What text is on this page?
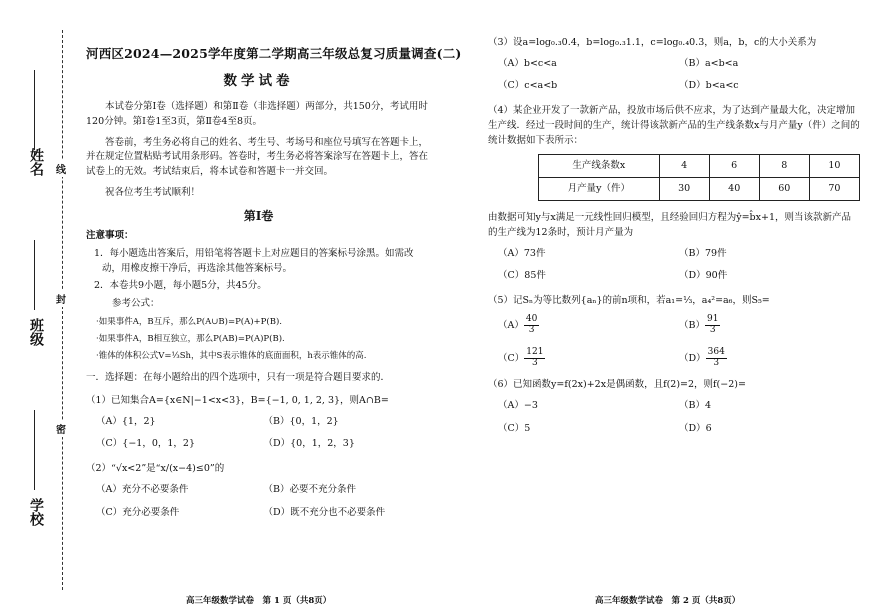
姓名
班级
学校
线
封
密
河西区2024—2025学年度第二学期高三年级总复习质量调查(二)
数学试卷

本试卷分第Ⅰ卷（选择题）和第Ⅱ卷（非选择题）两部分，共150分，考试用时120分钟。第Ⅰ卷1至3页，第Ⅱ卷4至8页。

答卷前，考生务必将自己的姓名、考生号、考场号和座位号填写在答题卡上，并在规定位置粘贴考试用条形码。答卷时，考生务必将答案涂写在答题卡上，答在试卷上的无效。考试结束后，将本试卷和答题卡一并交回。

祝各位考生考试顺利！

第Ⅰ卷

注意事项：

1．每小题选出答案后，用铅笔将答题卡上对应题目的答案标号涂黑。如需改动，用橡皮擦干净后，再选涂其他答案标号。

2．本卷共9小题，每小题5分，共45分。

参考公式：

·如果事件A，B互斥，那么P(A∪B)=P(A)+P(B).

·如果事件A，B相互独立，那么P(AB)=P(A)P(B).

·锥体的体积公式V=⅓Sh，其中S表示锥体的底面面积，h表示锥体的高.

一．选择题：在每小题给出的四个选项中，只有一项是符合题目要求的．

（1）已知集合A={x∈N|−1<x<3}，B={−1, 0, 1, 2, 3}，则A∩B=

（A）{1，2}	（B）{0，1，2}
（C）{−1，0，1，2}	（D）{0，1，2，3}

（2）“√x<2”是“x/(x−4)≤0”的

（A）充分不必要条件	（B）必要不充分条件
（C）充分必要条件	（D）既不充分也不必要条件
高三年级数学试卷　第 1 页（共8页）

（3）设a=log₀.₃0.4，b=log₀.₃1.1，c=log₀.₄0.3，则a，b，c的大小关系为

（A）b<c<a	（B）a<b<a
（C）c<a<b	（D）b<a<c

（4）某企业开发了一款新产品，投放市场后供不应求，为了达到产量最大化，决定增加生产线．经过一段时间的生产，统计得该款新产品的生产线条数x与月产量y（件）之间的统计数据如下表所示：

生产线条数x	4	6	8	10
月产量y（件）	30	40	60	70

由数据可知y与x满足一元线性回归模型，且经验回归方程为ŷ=b̂x+1，则当该款新产品的生产线为12条时，预计月产量为

（A）73件	（B）79件
（C）85件	（D）90件

（5）记Sₙ为等比数列{aₙ}的前n项和，若a₁=⅓，a₄²=a₆，则S₅=

$(A) \frac{40}{3}$	$(B) \frac{91}{3}$
$(C) \frac{121}{3}$	$(D) \frac{364}{3}$

（6）已知函数y=f(2x)+2x是偶函数，且f(2)=2，则f(−2)=

（A）−3	（B）4
（C）5	（D）6
高三年级数学试卷　第 2 页（共8页）
